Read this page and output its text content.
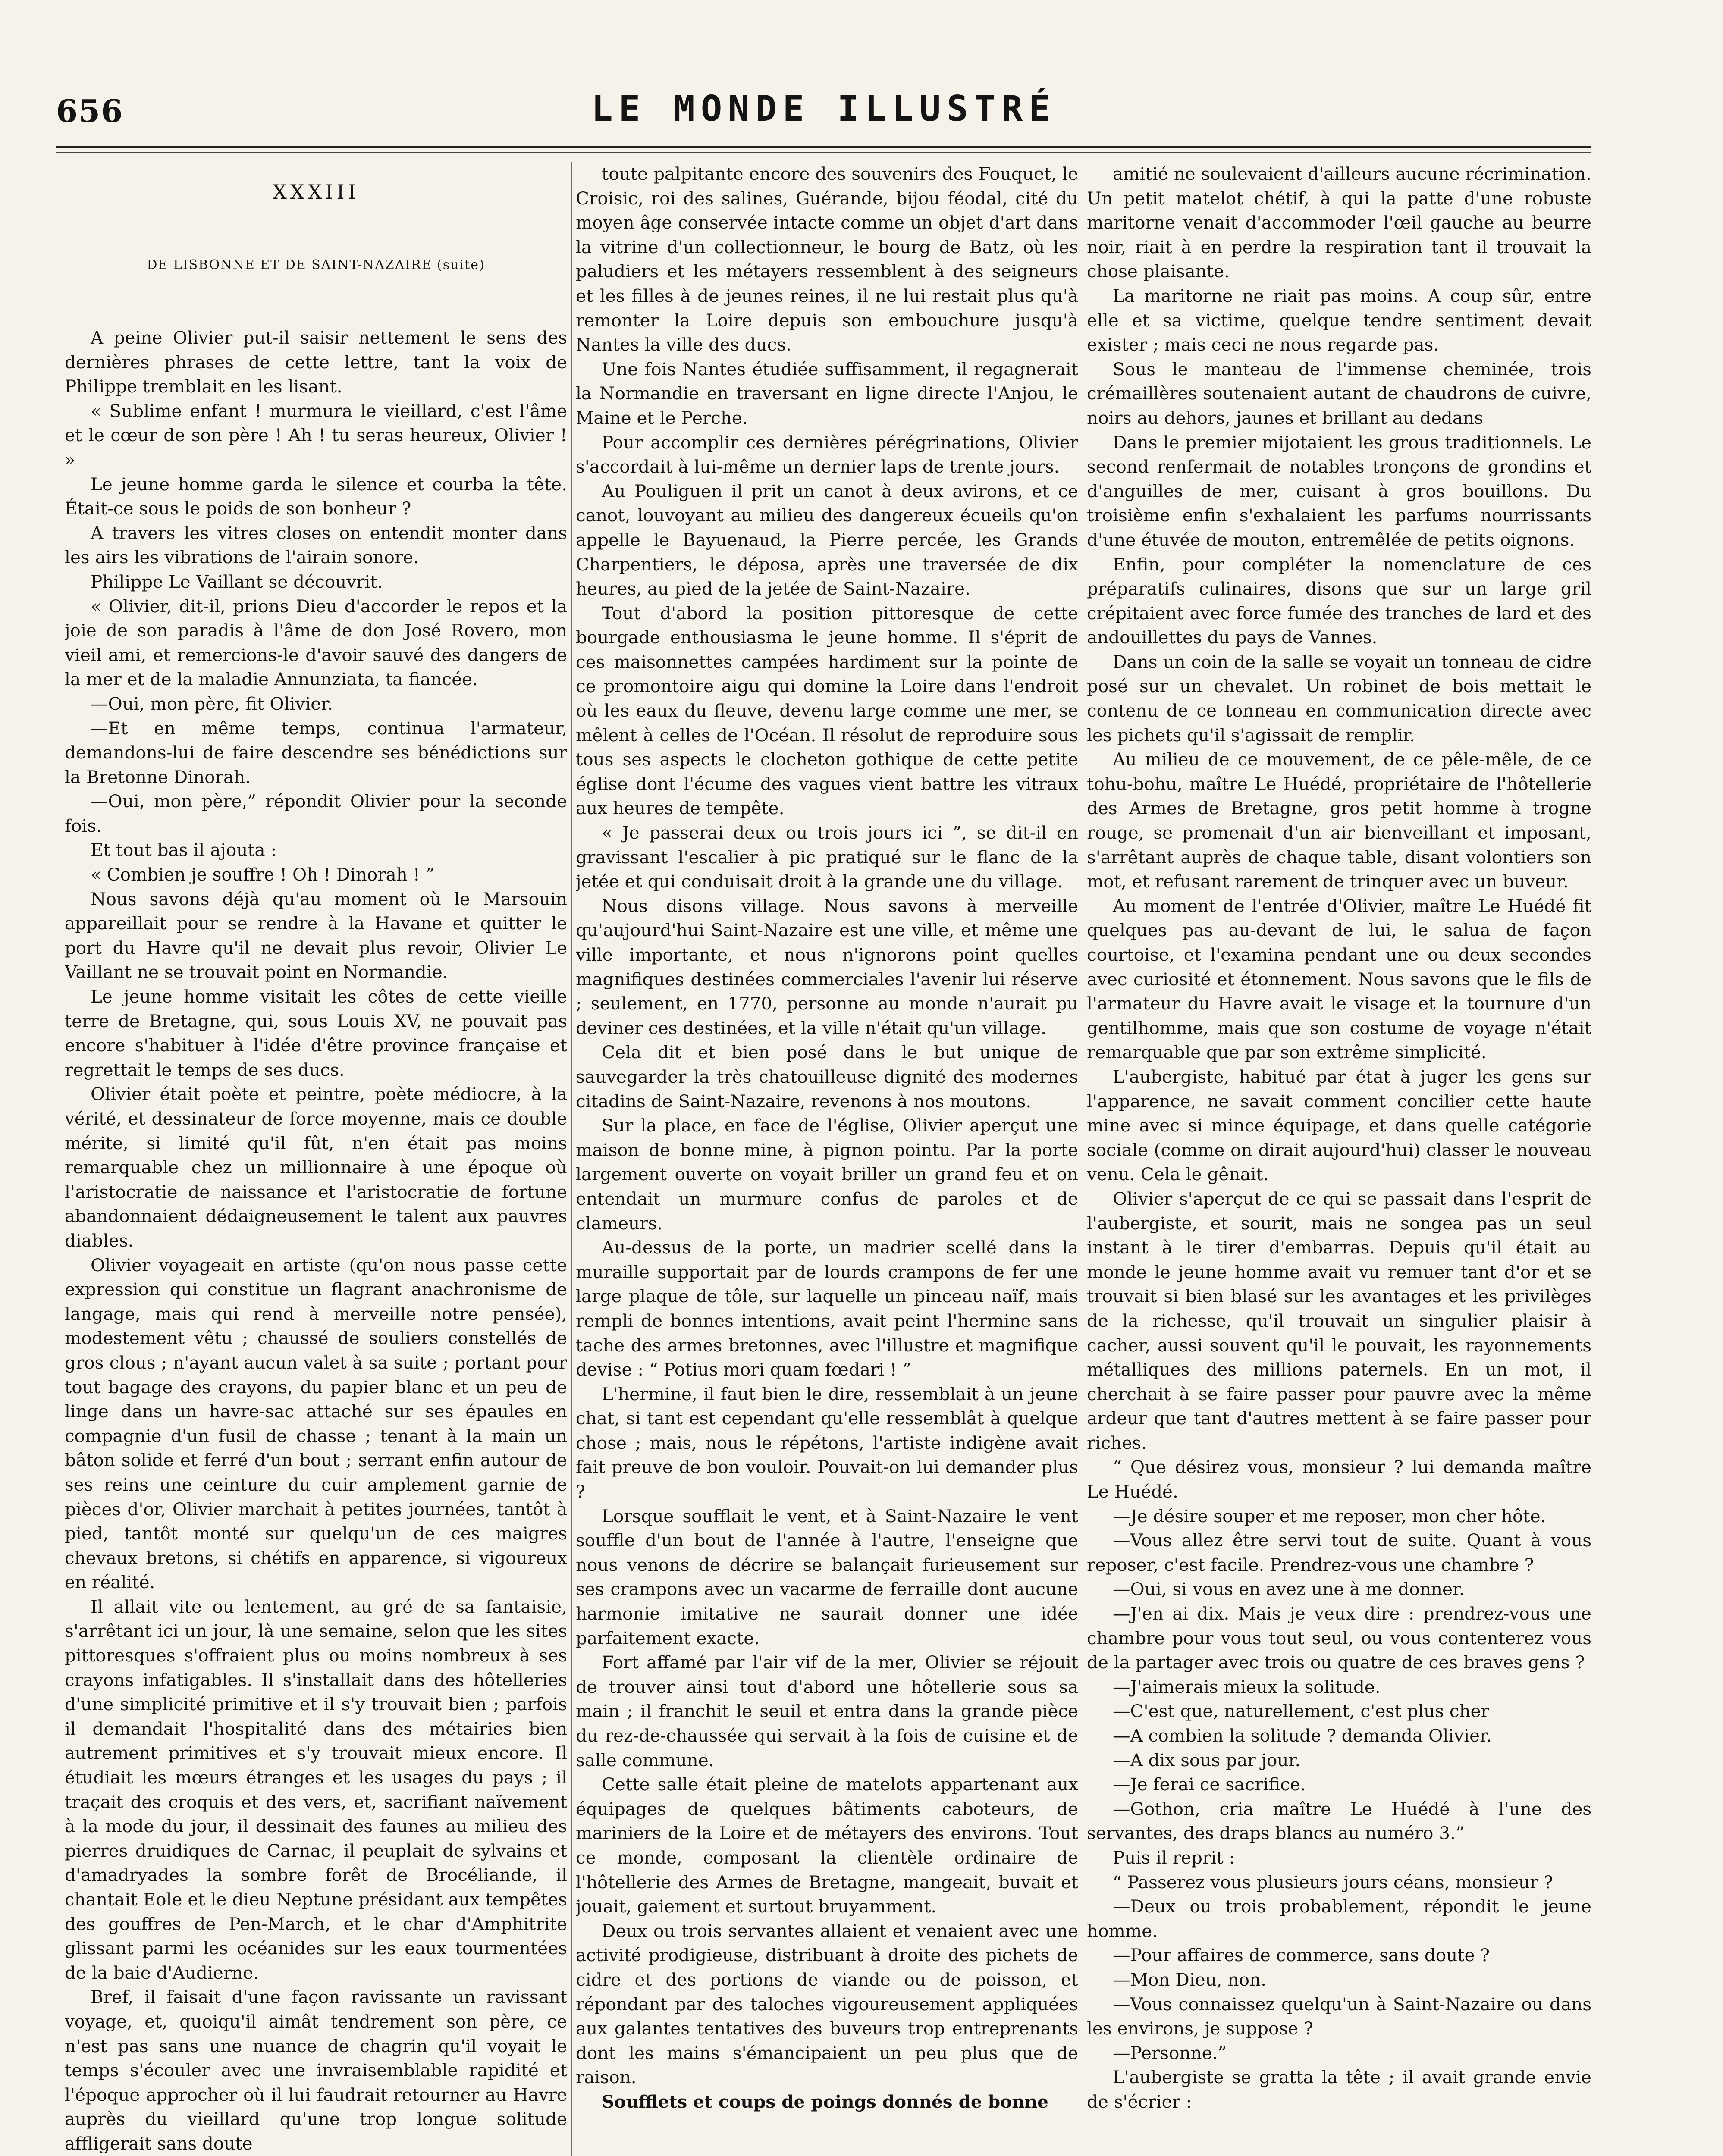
656	LE MONDE ILLUSTRÉ
XXXIII
DE LISBONNE ET DE SAINT-NAZAIRE (suite)

A peine Olivier put-il saisir nettement le sens des dernières phrases de cette lettre, tant la voix de Philippe tremblait en les lisant.

« Sublime enfant ! murmura le vieillard, c'est l'âme et le cœur de son père ! Ah ! tu seras heureux, Olivier ! »

Le jeune homme garda le silence et courba la tête. Était-ce sous le poids de son bonheur ?

A travers les vitres closes on entendit monter dans les airs les vibrations de l'airain sonore.

Philippe Le Vaillant se découvrit.

« Olivier, dit-il, prions Dieu d'accorder le repos et la joie de son paradis à l'âme de don José Rovero, mon vieil ami, et remercions-le d'avoir sauvé des dangers de la mer et de la maladie Annunziata, ta fiancée.

—Oui, mon père, fit Olivier.

—Et en même temps, continua l'armateur, demandons-lui de faire descendre ses bénédictions sur la Bretonne Dinorah.

—Oui, mon père,” répondit Olivier pour la seconde fois.

Et tout bas il ajouta :

« Combien je souffre ! Oh ! Dinorah ! ”

Nous savons déjà qu'au moment où le Marsouin appareillait pour se rendre à la Havane et quitter le port du Havre qu'il ne devait plus revoir, Olivier Le Vaillant ne se trouvait point en Normandie.

Le jeune homme visitait les côtes de cette vieille terre de Bretagne, qui, sous Louis XV, ne pouvait pas encore s'habituer à l'idée d'être province française et regrettait le temps de ses ducs.

Olivier était poète et peintre, poète médiocre, à la vérité, et dessinateur de force moyenne, mais ce double mérite, si limité qu'il fût, n'en était pas moins remarquable chez un millionnaire à une époque où l'aristocratie de naissance et l'aristocratie de fortune abandonnaient dédaigneusement le talent aux pauvres diables.

Olivier voyageait en artiste (qu'on nous passe cette expression qui constitue un flagrant anachronisme de langage, mais qui rend à merveille notre pensée), modestement vêtu ; chaussé de souliers constellés de gros clous ; n'ayant aucun valet à sa suite ; portant pour tout bagage des crayons, du papier blanc et un peu de linge dans un havre-sac attaché sur ses épaules en compagnie d'un fusil de chasse ; tenant à la main un bâton solide et ferré d'un bout ; serrant enfin autour de ses reins une ceinture du cuir amplement garnie de pièces d'or, Olivier marchait à petites journées, tantôt à pied, tantôt monté sur quelqu'un de ces maigres chevaux bretons, si chétifs en apparence, si vigoureux en réalité.

Il allait vite ou lentement, au gré de sa fantaisie, s'arrêtant ici un jour, là une semaine, selon que les sites pittoresques s'offraient plus ou moins nombreux à ses crayons infatigables. Il s'installait dans des hôtelleries d'une simplicité primitive et il s'y trouvait bien ; parfois il demandait l'hospitalité dans des métairies bien autrement primitives et s'y trouvait mieux encore. Il étudiait les mœurs étranges et les usages du pays ; il traçait des croquis et des vers, et, sacrifiant naïvement à la mode du jour, il dessinait des faunes au milieu des pierres druidiques de Carnac, il peuplait de sylvains et d'amadryades la sombre forêt de Brocéliande, il chantait Eole et le dieu Neptune présidant aux tempêtes des gouffres de Pen-March, et le char d'Amphitrite glissant parmi les océanides sur les eaux tourmentées de la baie d'Audierne.

Bref, il faisait d'une façon ravissante un ravissant voyage, et, quoiqu'il aimât tendrement son père, ce n'est pas sans une nuance de chagrin qu'il voyait le temps s'écouler avec une invraisemblable rapidité et l'époque approcher où il lui faudrait retourner au Havre auprès du vieillard qu'une trop longue solitude affligerait sans doute

toute palpitante encore des souvenirs des Fouquet, le Croisic, roi des salines, Guérande, bijou féodal, cité du moyen âge conservée intacte comme un objet d'art dans la vitrine d'un collectionneur, le bourg de Batz, où les paludiers et les métayers ressemblent à des seigneurs et les filles à de jeunes reines, il ne lui restait plus qu'à remonter la Loire depuis son embouchure jusqu'à Nantes la ville des ducs.

Une fois Nantes étudiée suffisamment, il regagnerait la Normandie en traversant en ligne directe l'Anjou, le Maine et le Perche.

Pour accomplir ces dernières pérégrinations, Olivier s'accordait à lui-même un dernier laps de trente jours.

Au Pouliguen il prit un canot à deux avirons, et ce canot, louvoyant au milieu des dangereux écueils qu'on appelle le Bayuenaud, la Pierre percée, les Grands Charpentiers, le déposa, après une traversée de dix heures, au pied de la jetée de Saint-Nazaire.

Tout d'abord la position pittoresque de cette bourgade enthousiasma le jeune homme. Il s'éprit de ces maisonnettes campées hardiment sur la pointe de ce promontoire aigu qui domine la Loire dans l'endroit où les eaux du fleuve, devenu large comme une mer, se mêlent à celles de l'Océan. Il résolut de reproduire sous tous ses aspects le clocheton gothique de cette petite église dont l'écume des vagues vient battre les vitraux aux heures de tempête.

« Je passerai deux ou trois jours ici ”, se dit-il en gravissant l'escalier à pic pratiqué sur le flanc de la jetée et qui conduisait droit à la grande une du village.

Nous disons village. Nous savons à merveille qu'aujourd'hui Saint-Nazaire est une ville, et même une ville importante, et nous n'ignorons point quelles magnifiques destinées commerciales l'avenir lui réserve ; seulement, en 1770, personne au monde n'aurait pu deviner ces destinées, et la ville n'était qu'un village.

Cela dit et bien posé dans le but unique de sauvegarder la très chatouilleuse dignité des modernes citadins de Saint-Nazaire, revenons à nos moutons.

Sur la place, en face de l'église, Olivier aperçut une maison de bonne mine, à pignon pointu. Par la porte largement ouverte on voyait briller un grand feu et on entendait un murmure confus de paroles et de clameurs.

Au-dessus de la porte, un madrier scellé dans la muraille supportait par de lourds crampons de fer une large plaque de tôle, sur laquelle un pinceau naïf, mais rempli de bonnes intentions, avait peint l'hermine sans tache des armes bretonnes, avec l'illustre et magnifique devise : “ Potius mori quam fœdari ! ”

L'hermine, il faut bien le dire, ressemblait à un jeune chat, si tant est cependant qu'elle ressemblât à quelque chose ; mais, nous le répétons, l'artiste indigène avait fait preuve de bon vouloir. Pouvait-on lui demander plus ?

Lorsque soufflait le vent, et à Saint-Nazaire le vent souffle d'un bout de l'année à l'autre, l'enseigne que nous venons de décrire se balançait furieusement sur ses crampons avec un vacarme de ferraille dont aucune harmonie imitative ne saurait donner une idée parfaitement exacte.

Fort affamé par l'air vif de la mer, Olivier se réjouit de trouver ainsi tout d'abord une hôtellerie sous sa main ; il franchit le seuil et entra dans la grande pièce du rez-de-chaussée qui servait à la fois de cuisine et de salle commune.

Cette salle était pleine de matelots appartenant aux équipages de quelques bâtiments caboteurs, de mariniers de la Loire et de métayers des environs. Tout ce monde, composant la clientèle ordinaire de l'hôtellerie des Armes de Bretagne, mangeait, buvait et jouait, gaiement et surtout bruyamment.

Deux ou trois servantes allaient et venaient avec une activité prodigieuse, distribuant à droite des pichets de cidre et des portions de viande ou de poisson, et répondant par des taloches vigoureusement appliquées aux galantes tentatives des buveurs trop entreprenants dont les mains s'émancipaient un peu plus que de raison.

Soufflets et coups de poings donnés de bonne

amitié ne soulevaient d'ailleurs aucune récrimination. Un petit matelot chétif, à qui la patte d'une robuste maritorne venait d'accommoder l'œil gauche au beurre noir, riait à en perdre la respiration tant il trouvait la chose plaisante.

La maritorne ne riait pas moins. A coup sûr, entre elle et sa victime, quelque tendre sentiment devait exister ; mais ceci ne nous regarde pas.

Sous le manteau de l'immense cheminée, trois crémaillères soutenaient autant de chaudrons de cuivre, noirs au dehors, jaunes et brillant au dedans

Dans le premier mijotaient les grous traditionnels. Le second renfermait de notables tronçons de grondins et d'anguilles de mer, cuisant à gros bouillons. Du troisième enfin s'exhalaient les parfums nourrissants d'une étuvée de mouton, entremêlée de petits oignons.

Enfin, pour compléter la nomenclature de ces préparatifs culinaires, disons que sur un large gril crépitaient avec force fumée des tranches de lard et des andouillettes du pays de Vannes.

Dans un coin de la salle se voyait un tonneau de cidre posé sur un chevalet. Un robinet de bois mettait le contenu de ce tonneau en communication directe avec les pichets qu'il s'agissait de remplir.

Au milieu de ce mouvement, de ce pêle-mêle, de ce tohu-bohu, maître Le Huédé, propriétaire de l'hôtellerie des Armes de Bretagne, gros petit homme à trogne rouge, se promenait d'un air bienveillant et imposant, s'arrêtant auprès de chaque table, disant volontiers son mot, et refusant rarement de trinquer avec un buveur.

Au moment de l'entrée d'Olivier, maître Le Huédé fit quelques pas au-devant de lui, le salua de façon courtoise, et l'examina pendant une ou deux secondes avec curiosité et étonnement. Nous savons que le fils de l'armateur du Havre avait le visage et la tournure d'un gentilhomme, mais que son costume de voyage n'était remarquable que par son extrême simplicité.

L'aubergiste, habitué par état à juger les gens sur l'apparence, ne savait comment concilier cette haute mine avec si mince équipage, et dans quelle catégorie sociale (comme on dirait aujourd'hui) classer le nouveau venu. Cela le gênait.

Olivier s'aperçut de ce qui se passait dans l'esprit de l'aubergiste, et sourit, mais ne songea pas un seul instant à le tirer d'embarras. Depuis qu'il était au monde le jeune homme avait vu remuer tant d'or et se trouvait si bien blasé sur les avantages et les privilèges de la richesse, qu'il trouvait un singulier plaisir à cacher, aussi souvent qu'il le pouvait, les rayonnements métalliques des millions paternels. En un mot, il cherchait à se faire passer pour pauvre avec la même ardeur que tant d'autres mettent à se faire passer pour riches.

“ Que désirez vous, monsieur ? lui demanda maître Le Huédé.

—Je désire souper et me reposer, mon cher hôte.

—Vous allez être servi tout de suite. Quant à vous reposer, c'est facile. Prendrez-vous une chambre ?

—Oui, si vous en avez une à me donner.

—J'en ai dix. Mais je veux dire : prendrez-vous une chambre pour vous tout seul, ou vous contenterez vous de la partager avec trois ou quatre de ces braves gens ?

—J'aimerais mieux la solitude.

—C'est que, naturellement, c'est plus cher

—A combien la solitude ? demanda Olivier.

—A dix sous par jour.

—Je ferai ce sacrifice.

—Gothon, cria maître Le Huédé à l'une des servantes, des draps blancs au numéro 3.”

Puis il reprit :

“ Passerez vous plusieurs jours céans, monsieur ?

—Deux ou trois probablement, répondit le jeune homme.

—Pour affaires de commerce, sans doute ?

—Mon Dieu, non.

—Vous connaissez quelqu'un à Saint-Nazaire ou dans les environs, je suppose ?

—Personne.”

L'aubergiste se gratta la tête ; il avait grande envie de s'écrier :
